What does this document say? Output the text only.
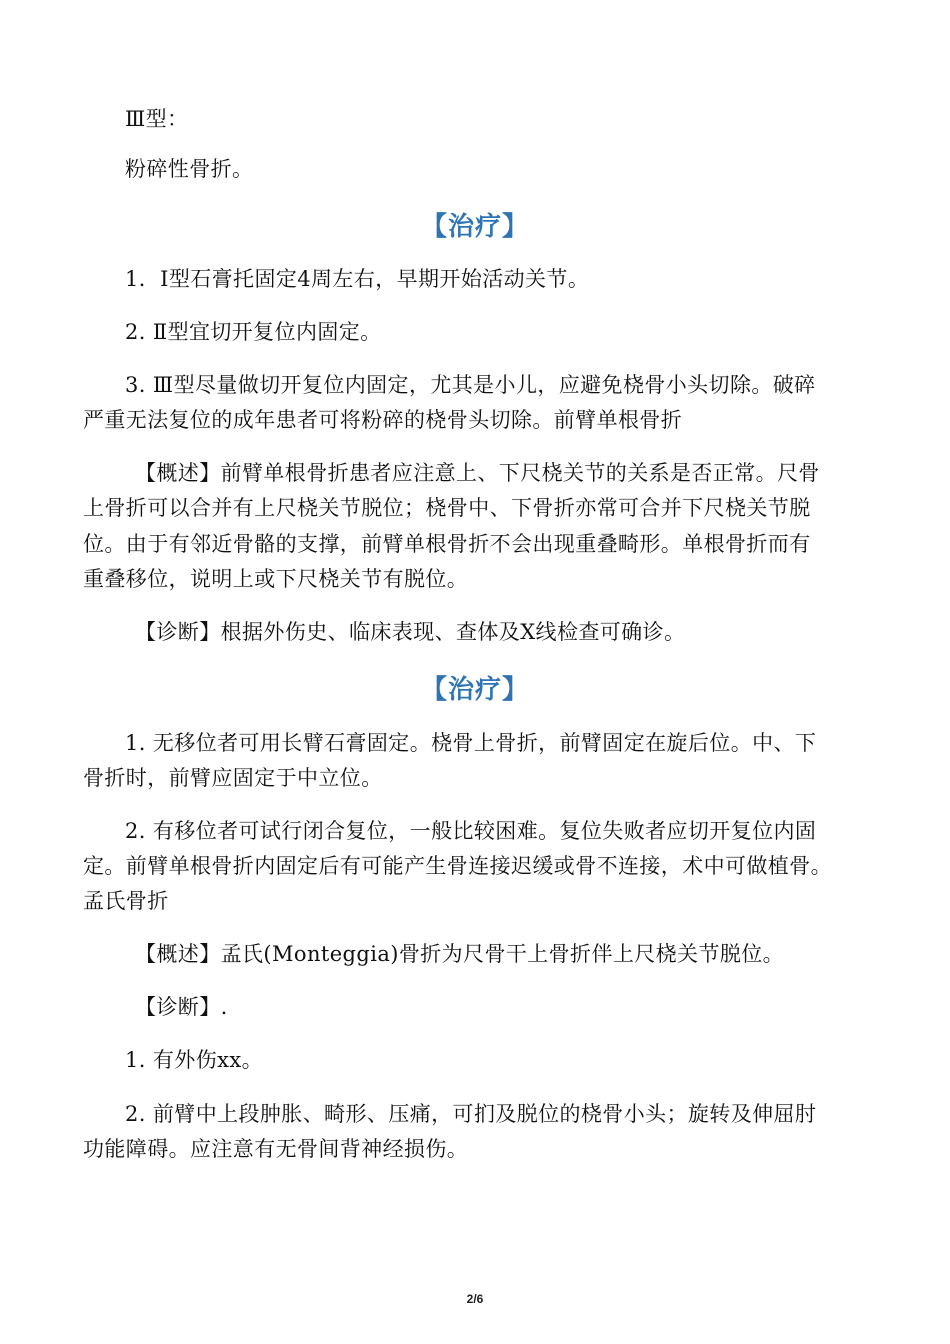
Ⅲ型：
粉碎性骨折。
【治疗】
1．Ⅰ型石膏托固定4周左右，早期开始活动关节。
2. Ⅱ型宜切开复位内固定。
3. Ⅲ型尽量做切开复位内固定，尤其是小儿，应避免桡骨小头切除。破碎
严重无法复位的成年患者可将粉碎的桡骨头切除。前臂单根骨折
【概述】前臂单根骨折患者应注意上、下尺桡关节的关系是否正常。尺骨
上骨折可以合并有上尺桡关节脱位；桡骨中、下骨折亦常可合并下尺桡关节脱
位。由于有邻近骨骼的支撑，前臂单根骨折不会出现重叠畸形。单根骨折而有
重叠移位，说明上或下尺桡关节有脱位。
【诊断】根据外伤史、临床表现、查体及X线检查可确诊。
【治疗】
1. 无移位者可用长臂石膏固定。桡骨上骨折，前臂固定在旋后位。中、下
骨折时，前臂应固定于中立位。
2. 有移位者可试行闭合复位，一般比较困难。复位失败者应切开复位内固
定。前臂单根骨折内固定后有可能产生骨连接迟缓或骨不连接，术中可做植骨。
孟氏骨折
【概述】孟氏(Monteggia)骨折为尺骨干上骨折伴上尺桡关节脱位。
【诊断】.
1. 有外伤xx。
2. 前臂中上段肿胀、畸形、压痛，可扪及脱位的桡骨小头；旋转及伸屈肘
功能障碍。应注意有无骨间背神经损伤。
2/6
